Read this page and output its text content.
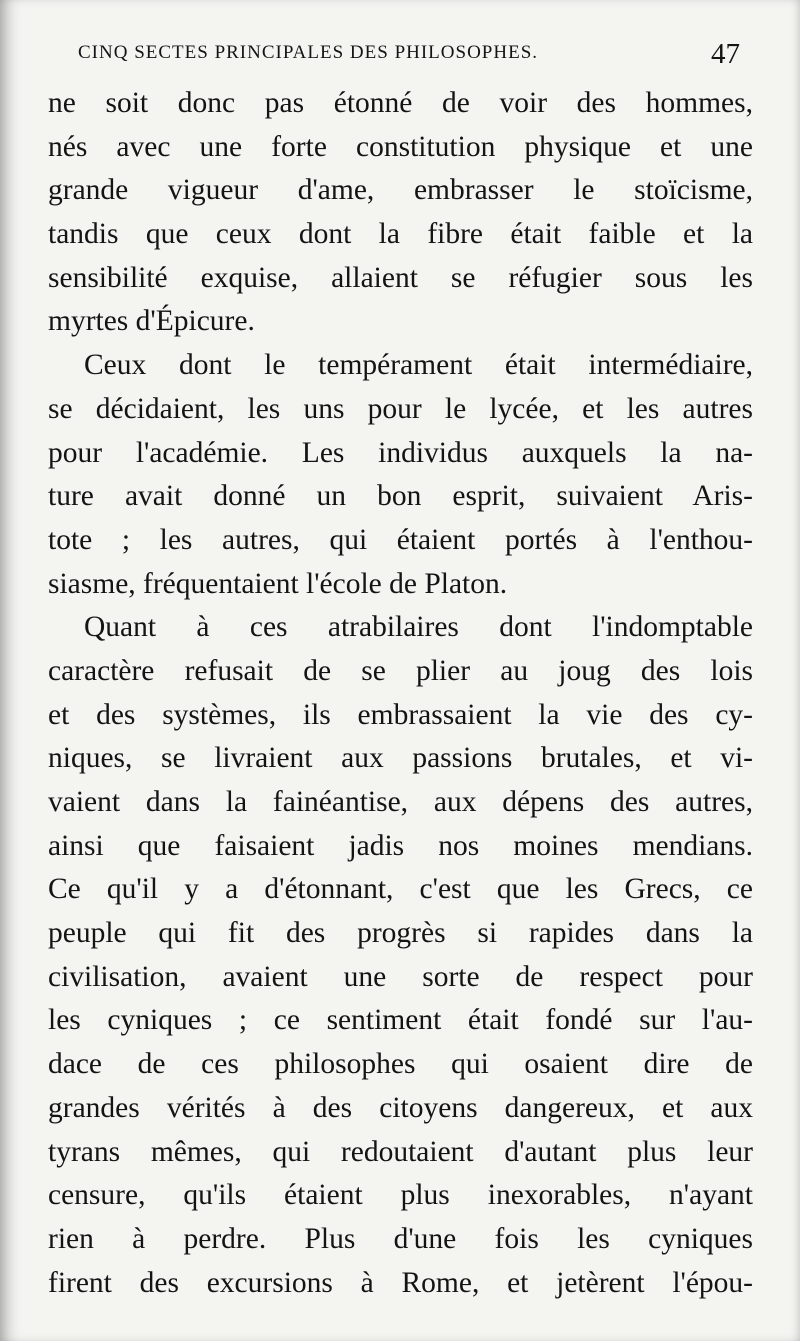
CINQ SECTES PRINCIPALES DES PHILOSOPHES.	47
ne soit donc pas étonné de voir des hommes,
nés avec une forte constitution physique et une
grande vigueur d'ame, embrasser le stoïcisme,
tandis que ceux dont la fibre était faible et la
sensibilité exquise, allaient se réfugier sous les
myrtes d'Épicure.
Ceux dont le tempérament était intermédiaire,
se décidaient, les uns pour le lycée, et les autres
pour l'académie. Les individus auxquels la na-
ture avait donné un bon esprit, suivaient Aris-
tote ; les autres, qui étaient portés à l'enthou-
siasme, fréquentaient l'école de Platon.
Quant à ces atrabilaires dont l'indomptable
caractère refusait de se plier au joug des lois
et des systèmes, ils embrassaient la vie des cy-
niques, se livraient aux passions brutales, et vi-
vaient dans la fainéantise, aux dépens des autres,
ainsi que faisaient jadis nos moines mendians.
Ce qu'il y a d'étonnant, c'est que les Grecs, ce
peuple qui fit des progrès si rapides dans la
civilisation, avaient une sorte de respect pour
les cyniques ; ce sentiment était fondé sur l'au-
dace de ces philosophes qui osaient dire de
grandes vérités à des citoyens dangereux, et aux
tyrans mêmes, qui redoutaient d'autant plus leur
censure, qu'ils étaient plus inexorables, n'ayant
rien à perdre. Plus d'une fois les cyniques
firent des excursions à Rome, et jetèrent l'épou-
